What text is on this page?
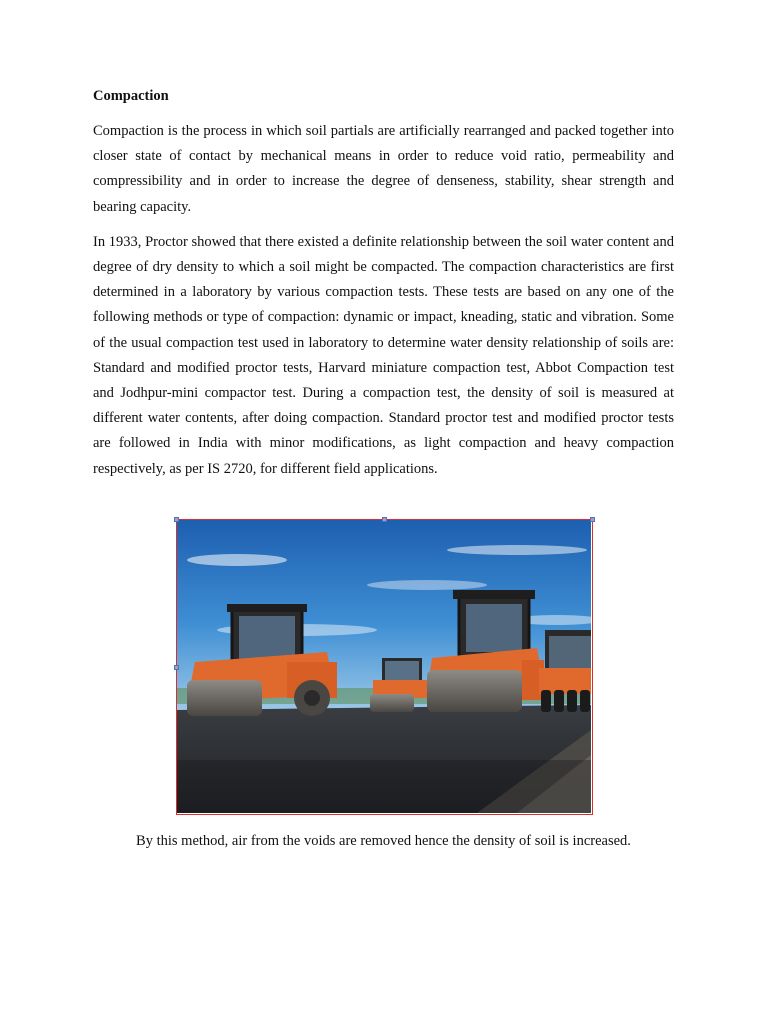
Compaction

Compaction is the process in which soil partials are artificially rearranged and packed together into closer state of contact by mechanical means in order to reduce void ratio, permeability and compressibility and in order to increase the degree of denseness, stability, shear strength and bearing capacity.

In 1933, Proctor showed that there existed a definite relationship between the soil water content and degree of dry density to which a soil might be compacted. The compaction characteristics are first determined in a laboratory by various compaction tests. These tests are based on any one of the following methods or type of compaction: dynamic or impact, kneading, static and vibration. Some of the usual compaction test used in laboratory to determine water density relationship of soils are: Standard and modified proctor tests, Harvard miniature compaction test, Abbot Compaction test and Jodhpur-mini compactor test. During a compaction test, the density of soil is measured at different water contents, after doing compaction. Standard proctor test and modified proctor tests are followed in India with minor modifications, as light compaction and heavy compaction respectively, as per IS 2720, for different field applications.

By this method, air from the voids are removed hence the density of soil is increased.
